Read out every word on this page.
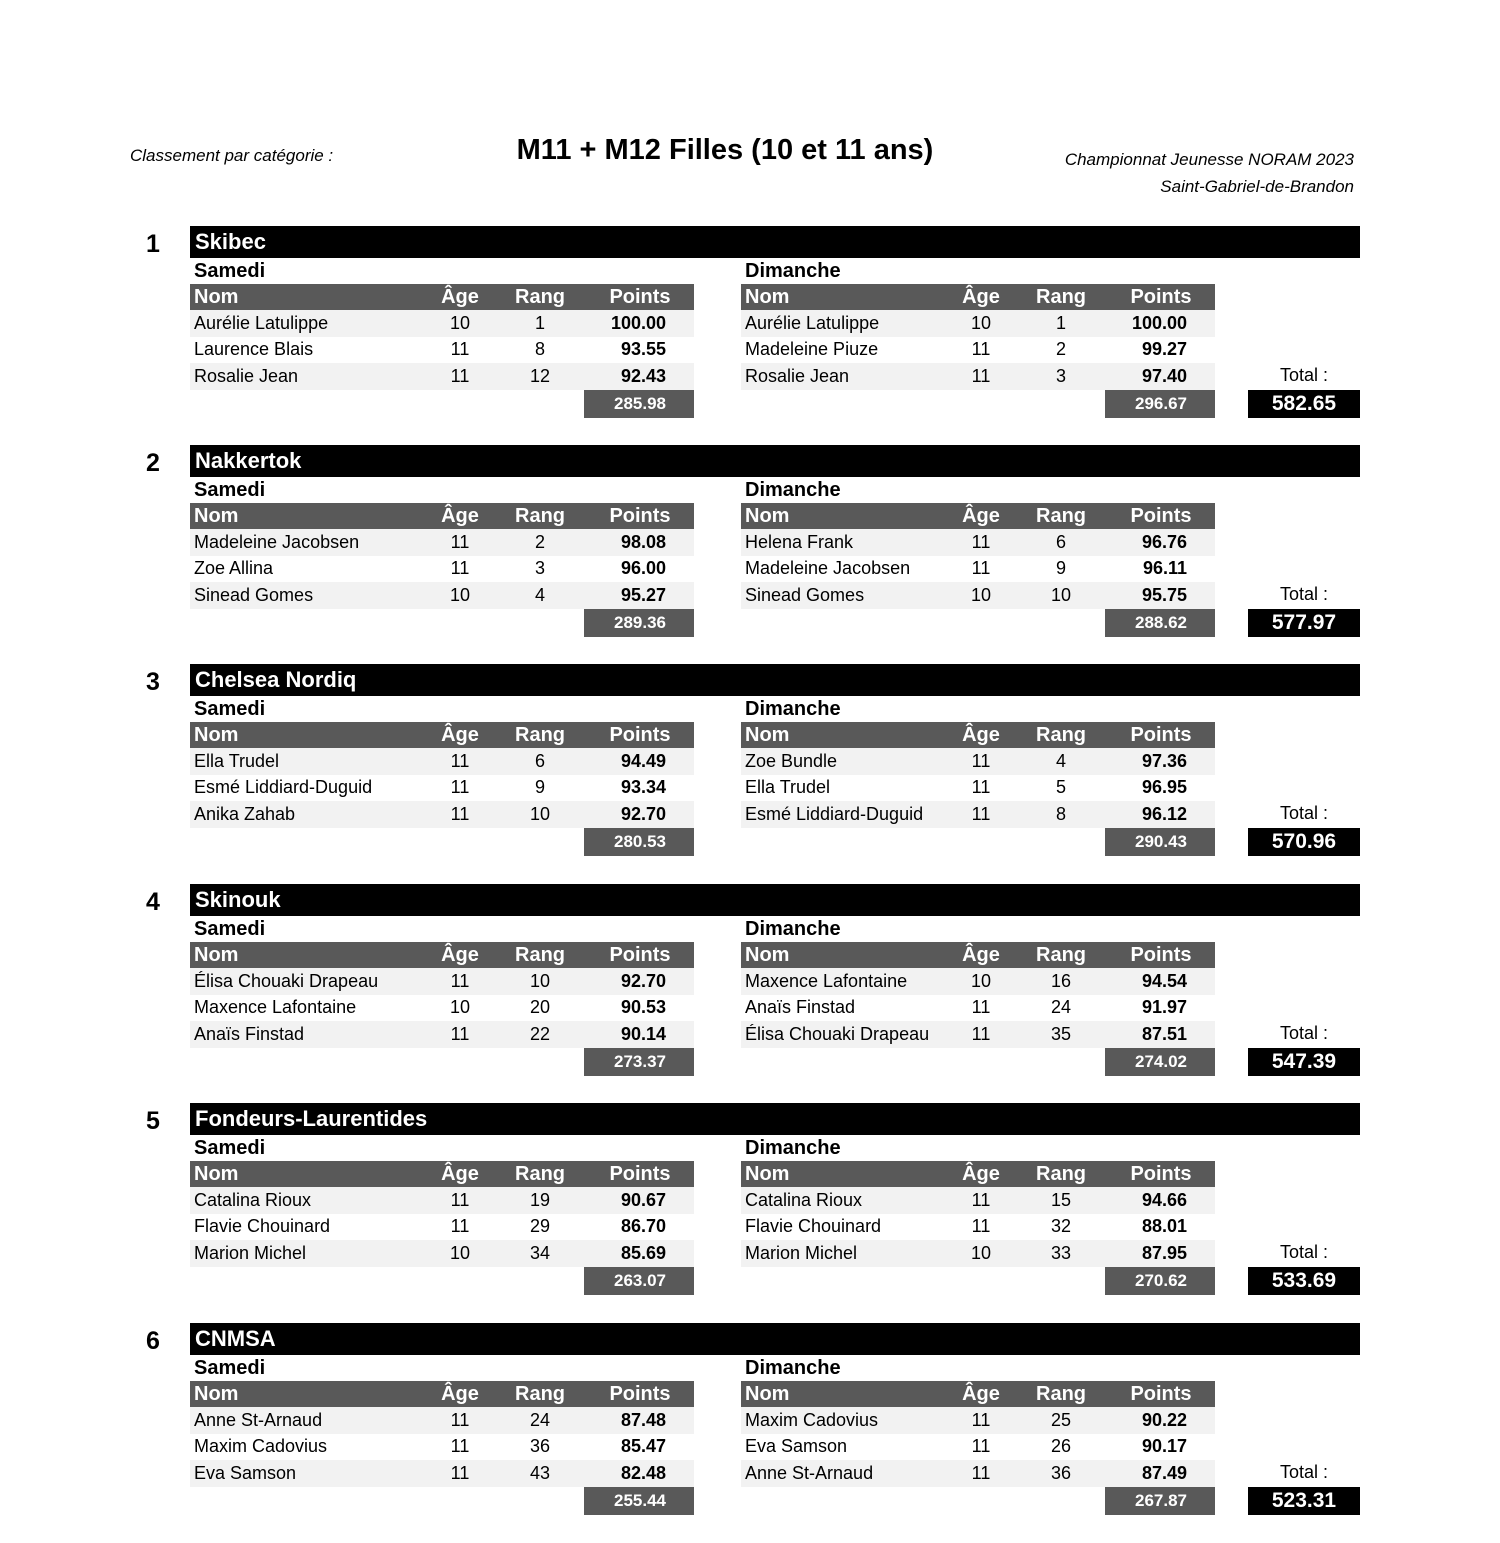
Classement par catégorie :	M11 + M12 Filles (10 et 11 ans)	Championnat Jeunesse NORAM 2023
Saint-Gabriel-de-Brandon
1 Skibec
Samedi
Nom	Âge	Rang	Points
Aurélie Latulippe	10	1	100.00
Laurence Blais	11	8	93.55
Rosalie Jean	11	12	92.43
285.98
Dimanche
Nom	Âge	Rang	Points
Aurélie Latulippe	10	1	100.00
Madeleine Piuze	11	2	99.27
Rosalie Jean	11	3	97.40
296.67
Total :
582.65
2 Nakkertok
Samedi
Nom	Âge	Rang	Points
Madeleine Jacobsen	11	2	98.08
Zoe Allina	11	3	96.00
Sinead Gomes	10	4	95.27
289.36
Dimanche
Nom	Âge	Rang	Points
Helena Frank	11	6	96.76
Madeleine Jacobsen	11	9	96.11
Sinead Gomes	10	10	95.75
288.62
Total :
577.97
3 Chelsea Nordiq
Samedi
Nom	Âge	Rang	Points
Ella Trudel	11	6	94.49
Esmé Liddiard-Duguid	11	9	93.34
Anika Zahab	11	10	92.70
280.53
Dimanche
Nom	Âge	Rang	Points
Zoe Bundle	11	4	97.36
Ella Trudel	11	5	96.95
Esmé Liddiard-Duguid	11	8	96.12
290.43
Total :
570.96
4 Skinouk
Samedi
Nom	Âge	Rang	Points
Élisa Chouaki Drapeau	11	10	92.70
Maxence Lafontaine	10	20	90.53
Anaïs Finstad	11	22	90.14
273.37
Dimanche
Nom	Âge	Rang	Points
Maxence Lafontaine	10	16	94.54
Anaïs Finstad	11	24	91.97
Élisa Chouaki Drapeau	11	35	87.51
274.02
Total :
547.39
5 Fondeurs-Laurentides
Samedi
Nom	Âge	Rang	Points
Catalina Rioux	11	19	90.67
Flavie Chouinard	11	29	86.70
Marion Michel	10	34	85.69
263.07
Dimanche
Nom	Âge	Rang	Points
Catalina Rioux	11	15	94.66
Flavie Chouinard	11	32	88.01
Marion Michel	10	33	87.95
270.62
Total :
533.69
6 CNMSA
Samedi
Nom	Âge	Rang	Points
Anne St-Arnaud	11	24	87.48
Maxim Cadovius	11	36	85.47
Eva Samson	11	43	82.48
255.44
Dimanche
Nom	Âge	Rang	Points
Maxim Cadovius	11	25	90.22
Eva Samson	11	26	90.17
Anne St-Arnaud	11	36	87.49
267.87
Total :
523.31
